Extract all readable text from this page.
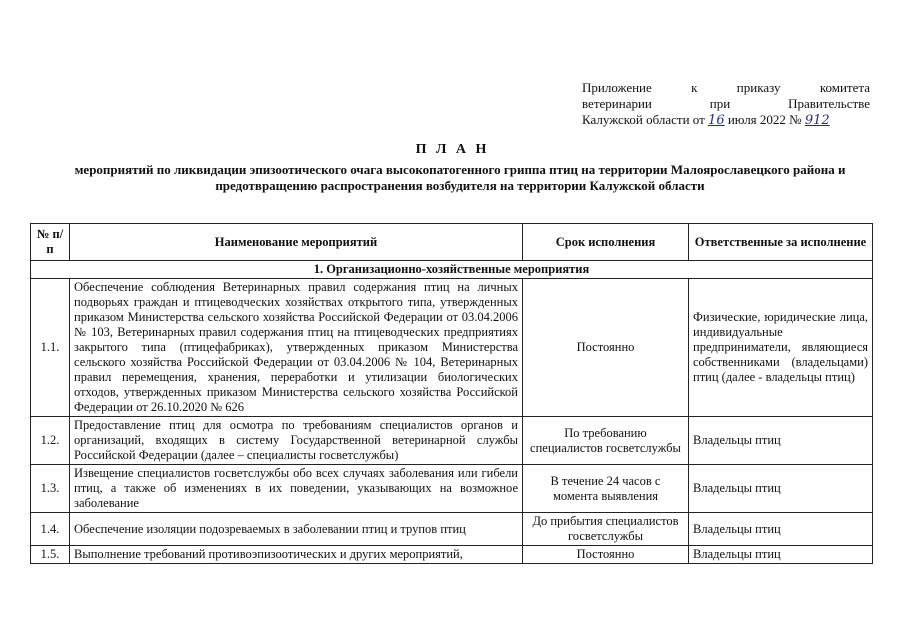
Приложение	к	приказу	комитета
ветеринарии	при	Правительстве
Калужской области от 16 июля 2022 № 912
П Л А Н
мероприятий по ликвидации эпизоотического очага высокопатогенного гриппа птиц на территории Малоярославецкого района и предотвращению распространения возбудителя на территории Калужской области
№ п/п	Наименование мероприятий	Срок исполнения	Ответственные за исполнение
1. Организационно-хозяйственные мероприятия			
1.1.	Обеспечение соблюдения Ветеринарных правил содержания птиц на личных подворьях граждан и птицеводческих хозяйствах открытого типа, утвержденных приказом Министерства сельского хозяйства Российской Федерации от 03.04.2006 № 103, Ветеринарных правил содержания птиц на птицеводческих предприятиях закрытого типа (птицефабриках), утвержденных приказом Министерства сельского хозяйства Российской Федерации от 03.04.2006 № 104, Ветеринарных правил перемещения, хранения, переработки и утилизации биологических отходов, утвержденных приказом Министерства сельского хозяйства Российской Федерации от 26.10.2020 № 626	Постоянно	Физические, юридические лица, индивидуальные предприниматели, являющиеся собственниками (владельцами) птиц (далее - владельцы птиц)
1.2.	Предоставление птиц для осмотра по требованиям специалистов органов и организаций, входящих в систему Государственной ветеринарной службы Российской Федерации (далее – специалисты госветслужбы)	По требованию специалистов госветслужбы	Владельцы птиц
1.3.	Извещение специалистов госветслужбы обо всех случаях заболевания или гибели птиц, а также об изменениях в их поведении, указывающих на возможное заболевание	В течение 24 часов с момента выявления	Владельцы птиц
1.4.	Обеспечение изоляции подозреваемых в заболевании птиц и трупов птиц	До прибытия специалистов госветслужбы	Владельцы птиц
1.5.	Выполнение требований противоэпизоотических и других мероприятий,	Постоянно	Владельцы птиц
